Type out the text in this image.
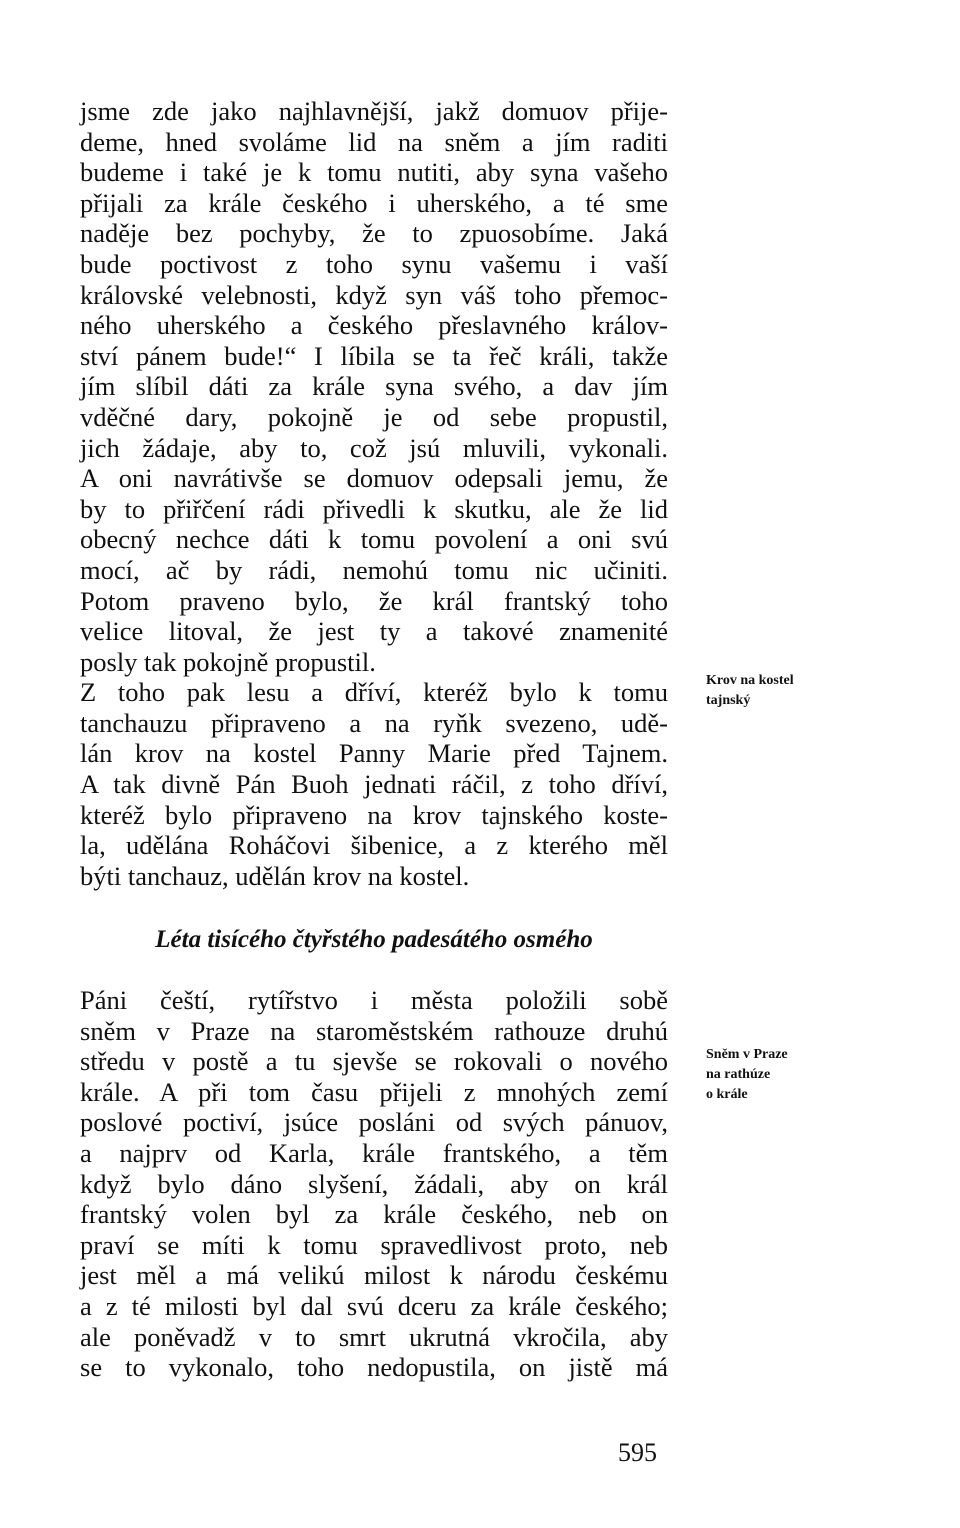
jsme zde jako najhlavnější, jakž domuov přije-
deme, hned svoláme lid na sněm a jím raditi
budeme i také je k tomu nutiti, aby syna vašeho
přijali za krále českého i uherského, a té sme
naděje bez pochyby, že to zpuosobíme. Jaká
bude poctivost z toho synu vašemu i vaší
královské velebnosti, když syn váš toho přemoc-
ného uherského a českého přeslavného králov-
ství pánem bude!“ I líbila se ta řeč králi, takže
jím slíbil dáti za krále syna svého, a dav jím
vděčné dary, pokojně je od sebe propustil,
jich žádaje, aby to, což jsú mluvili, vykonali.
A oni navrátivše se domuov odepsali jemu, že
by to přiřčení rádi přivedli k skutku, ale že lid
obecný nechce dáti k tomu povolení a oni svú
mocí, ač by rádi, nemohú tomu nic učiniti.
Potom praveno bylo, že král frantský toho
velice litoval, že jest ty a takové znamenité
posly tak pokojně propustil.
Z toho pak lesu a dříví, kteréž bylo k tomu
tanchauzu připraveno a na ryňk svezeno, udě-
lán krov na kostel Panny Marie před Tajnem.
A tak divně Pán Buoh jednati ráčil, z toho dříví,
kteréž bylo připraveno na krov tajnského koste-
la, udělána Roháčovi šibenice, a z kterého měl
býti tanchauz, udělán krov na kostel.
Léta tisícého čtyřstého padesátého osmého
Páni čeští, rytířstvo i města položili sobě
sněm v Praze na staroměstském rathouze druhú
středu v postě a tu sjevše se rokovali o nového
krále. A při tom času přijeli z mnohých zemí
poslové poctiví, jsúce posláni od svých pánuov,
a najprv od Karla, krále frantského, a těm
když bylo dáno slyšení, žádali, aby on král
frantský volen byl za krále českého, neb on
praví se míti k tomu spravedlivost proto, neb
jest měl a má velikú milost k národu českému
a z té milosti byl dal svú dceru za krále českého;
ale poněvadž v to smrt ukrutná vkročila, aby
se to vykonalo, toho nedopustila, on jistě má
Krov na kostel
tajnský
Sněm v Praze
na rathúze
o krále
595
